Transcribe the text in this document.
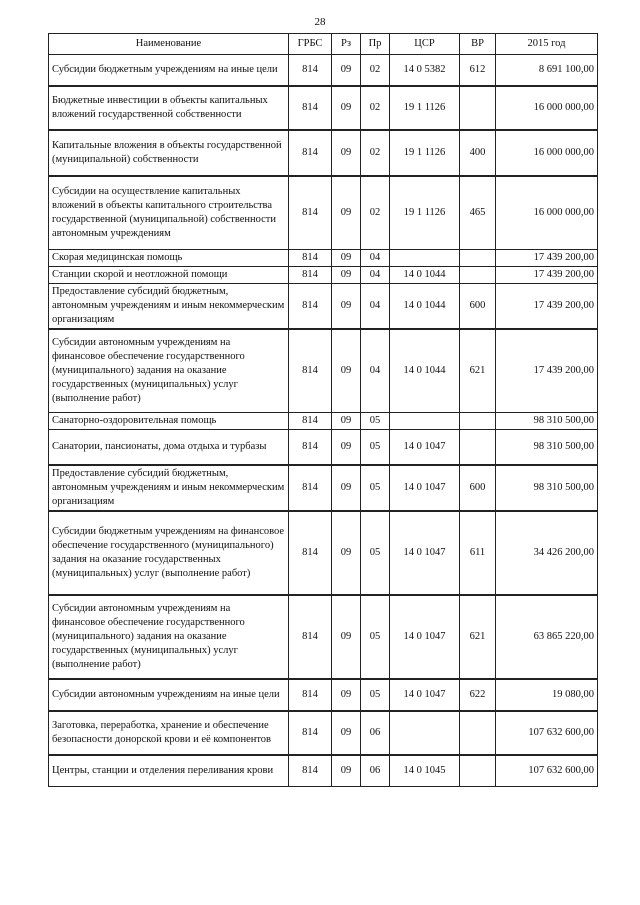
28
Наименование	ГРБС	Рз	Пр	ЦСР	ВР	2015 год
Субсидии бюджетным учреждениям на иные цели	814	09	02	14 0 5382	612	8 691 100,00
Бюджетные инвестиции в объекты капитальных вложений государственной собственности	814	09	02	19 1 1126		16 000 000,00
Капитальные вложения в объекты государственной (муниципальной) собственности	814	09	02	19 1 1126	400	16 000 000,00
Субсидии на осуществление капитальных вложений в объекты капитального строительства государственной (муниципальной) собственности автономным учреждениям	814	09	02	19 1 1126	465	16 000 000,00
Скорая медицинская помощь	814	09	04			17 439 200,00
Станции скорой и неотложной помощи	814	09	04	14 0 1044		17 439 200,00
Предоставление субсидий бюджетным, автономным учреждениям и иным некоммерческим организациям	814	09	04	14 0 1044	600	17 439 200,00
Субсидии автономным учреждениям на финансовое обеспечение государственного (муниципального) задания на оказание государственных (муниципальных) услуг (выполнение работ)	814	09	04	14 0 1044	621	17 439 200,00
Санаторно-оздоровительная помощь	814	09	05			98 310 500,00
Санатории, пансионаты, дома отдыха и турбазы	814	09	05	14 0 1047		98 310 500,00
Предоставление субсидий бюджетным, автономным учреждениям и иным некоммерческим организациям	814	09	05	14 0 1047	600	98 310 500,00
Субсидии бюджетным учреждениям на финансовое обеспечение государственного (муниципального) задания на оказание государственных (муниципальных) услуг (выполнение работ)	814	09	05	14 0 1047	611	34 426 200,00
Субсидии автономным учреждениям на финансовое обеспечение государственного (муниципального) задания на оказание государственных (муниципальных) услуг (выполнение работ)	814	09	05	14 0 1047	621	63 865 220,00
Субсидии автономным учреждениям на иные цели	814	09	05	14 0 1047	622	19 080,00
Заготовка, переработка, хранение и обеспечение безопасности донорской крови и её компонентов	814	09	06			107 632 600,00
Центры, станции и отделения переливания крови	814	09	06	14 0 1045		107 632 600,00
